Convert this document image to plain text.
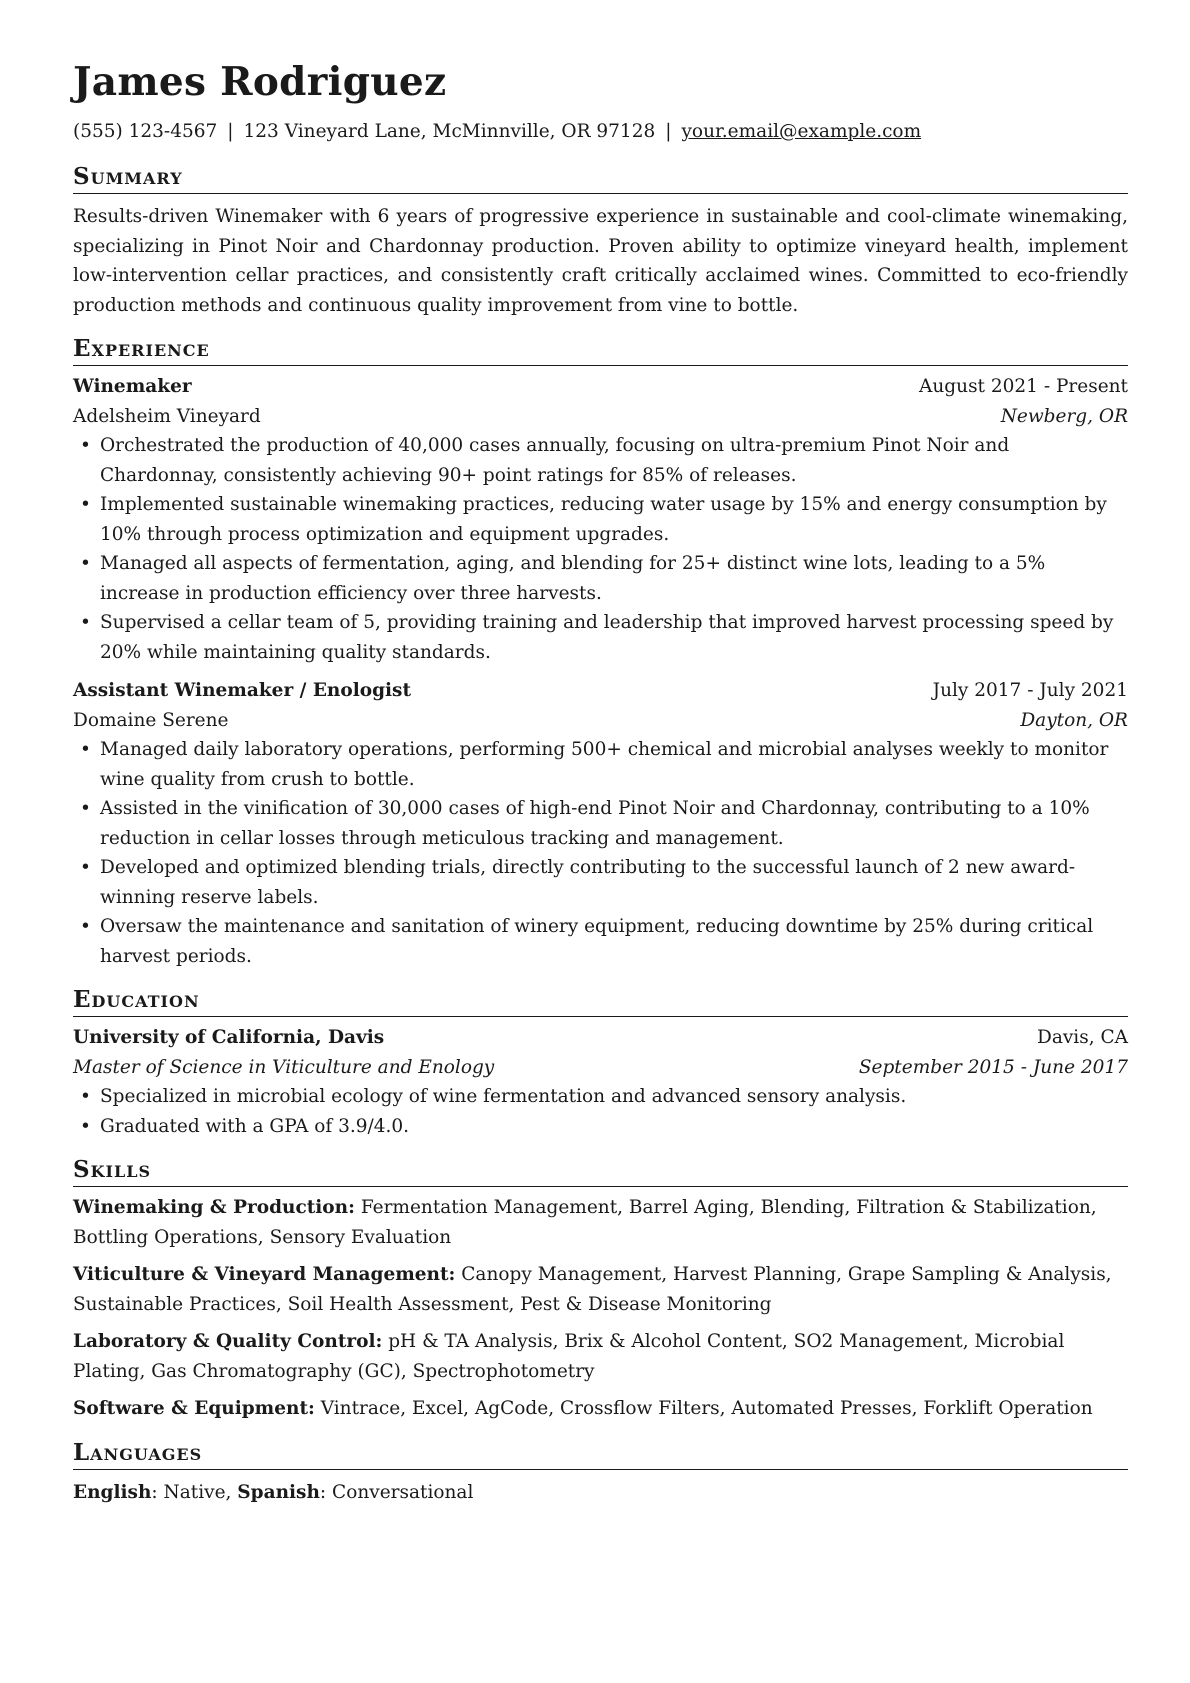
James Rodriguez
(555) 123-4567 | 123 Vineyard Lane, McMinnville, OR 97128 | your.email@example.com
Summary
Results-driven Winemaker with 6 years of progressive experience in sustainable and cool-climate winemaking, specializing in Pinot Noir and Chardonnay production. Proven ability to optimize vineyard health, implement low-intervention cellar practices, and consistently craft critically acclaimed wines. Committed to eco-friendly production methods and continuous quality improvement from vine to bottle.
Experience
Winemaker	August 2021 - Present
Adelsheim Vineyard	Newberg, OR
• Orchestrated the production of 40,000 cases annually, focusing on ultra-premium Pinot Noir and Chardonnay, consistently achieving 90+ point ratings for 85% of releases.
• Implemented sustainable winemaking practices, reducing water usage by 15% and energy consumption by 10% through process optimization and equipment upgrades.
• Managed all aspects of fermentation, aging, and blending for 25+ distinct wine lots, leading to a 5% increase in production efficiency over three harvests.
• Supervised a cellar team of 5, providing training and leadership that improved harvest processing speed by 20% while maintaining quality standards.
Assistant Winemaker / Enologist	July 2017 - July 2021
Domaine Serene	Dayton, OR
• Managed daily laboratory operations, performing 500+ chemical and microbial analyses weekly to monitor wine quality from crush to bottle.
• Assisted in the vinification of 30,000 cases of high-end Pinot Noir and Chardonnay, contributing to a 10% reduction in cellar losses through meticulous tracking and management.
• Developed and optimized blending trials, directly contributing to the successful launch of 2 new award-winning reserve labels.
• Oversaw the maintenance and sanitation of winery equipment, reducing downtime by 25% during critical harvest periods.
Education
University of California, Davis	Davis, CA
Master of Science in Viticulture and Enology	September 2015 - June 2017
• Specialized in microbial ecology of wine fermentation and advanced sensory analysis.
• Graduated with a GPA of 3.9/4.0.
Skills
Winemaking & Production: Fermentation Management, Barrel Aging, Blending, Filtration & Stabilization, Bottling Operations, Sensory Evaluation
Viticulture & Vineyard Management: Canopy Management, Harvest Planning, Grape Sampling & Analysis, Sustainable Practices, Soil Health Assessment, Pest & Disease Monitoring
Laboratory & Quality Control: pH & TA Analysis, Brix & Alcohol Content, SO2 Management, Microbial Plating, Gas Chromatography (GC), Spectrophotometry
Software & Equipment: Vintrace, Excel, AgCode, Crossflow Filters, Automated Presses, Forklift Operation
Languages
English: Native, Spanish: Conversational
